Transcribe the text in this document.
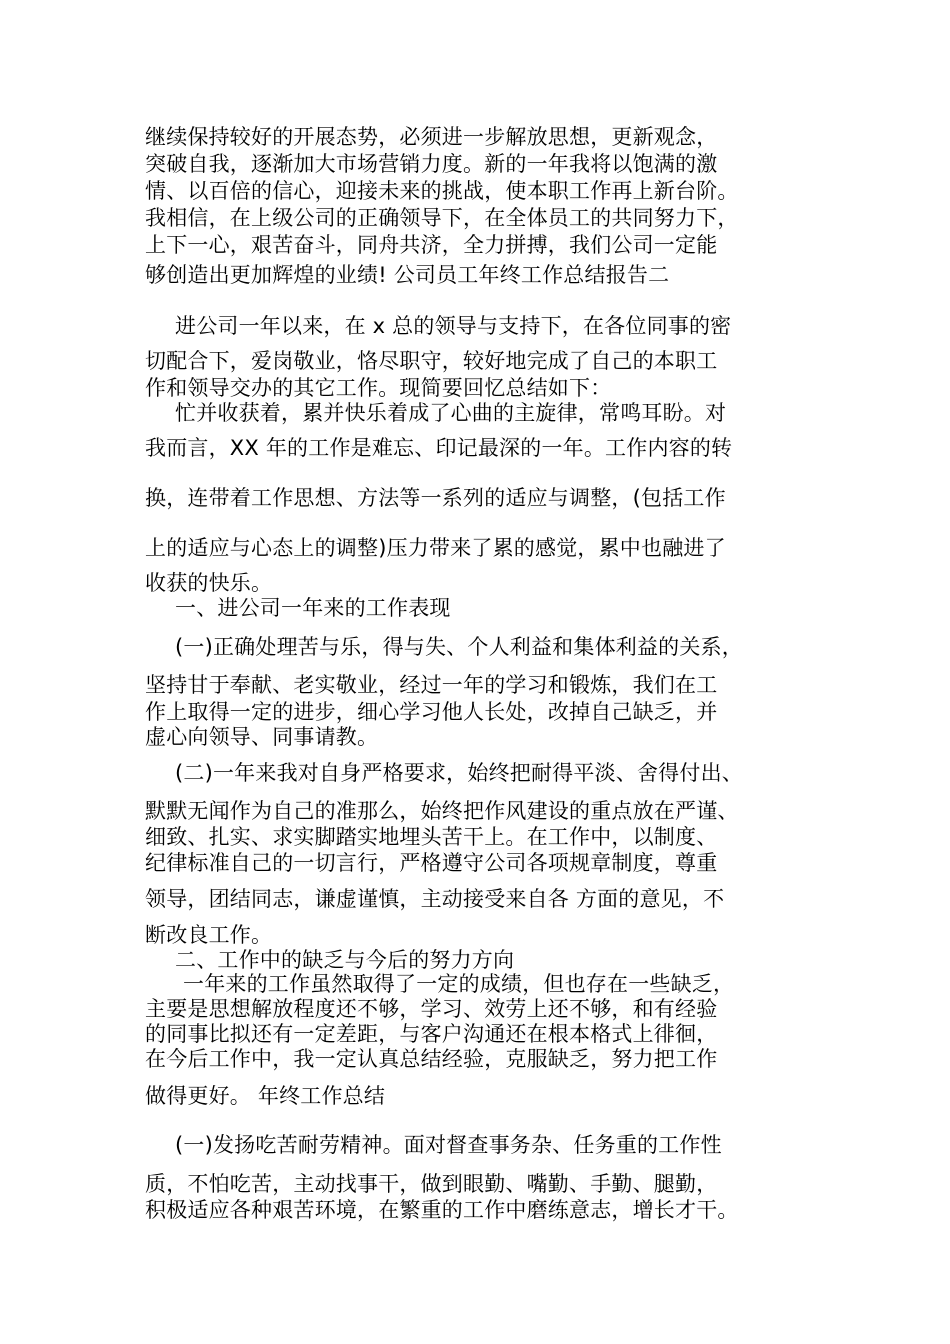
继续保持较好的开展态势，必须进一步解放思想，更新观念，
突破自我，逐渐加大市场营销力度。新的一年我将以饱满的激
情、以百倍的信心，迎接未来的挑战，使本职工作再上新台阶。
我相信，在上级公司的正确领导下，在全体员工的共同努力下，
上下一心，艰苦奋斗，同舟共济，全力拼搏，我们公司一定能
够创造出更加辉煌的业绩! 公司员工年终工作总结报告二
进公司一年以来，在 x 总的领导与支持下，在各位同事的密
切配合下，爱岗敬业，恪尽职守，较好地完成了自己的本职工
作和领导交办的其它工作。现简要回忆总结如下：
忙并收获着，累并快乐着成了心曲的主旋律，常鸣耳盼。对
我而言，XX 年的工作是难忘、印记最深的一年。工作内容的转
换，连带着工作思想、方法等一系列的适应与调整，(包括工作
上的适应与心态上的调整)压力带来了累的感觉，累中也融进了
收获的快乐。
一、进公司一年来的工作表现
(一)正确处理苦与乐，得与失、个人利益和集体利益的关系，
坚持甘于奉献、老实敬业，经过一年的学习和锻炼，我们在工
作上取得一定的进步，细心学习他人长处，改掉自己缺乏，并
虚心向领导、同事请教。
(二)一年来我对自身严格要求，始终把耐得平淡、舍得付出、
默默无闻作为自己的准那么，始终把作风建设的重点放在严谨、
细致、扎实、求实脚踏实地埋头苦干上。在工作中，以制度、
纪律标准自己的一切言行，严格遵守公司各项规章制度，尊重
领导，团结同志，谦虚谨慎，主动接受来自各 方面的意见，不
断改良工作。
二、工作中的缺乏与今后的努力方向
一年来的工作虽然取得了一定的成绩，但也存在一些缺乏，
主要是思想解放程度还不够，学习、效劳上还不够，和有经验
的同事比拟还有一定差距，与客户沟通还在根本格式上徘徊，
在今后工作中，我一定认真总结经验，克服缺乏，努力把工作
做得更好。 年终工作总结
(一)发扬吃苦耐劳精神。面对督查事务杂、任务重的工作性
质，不怕吃苦，主动找事干，做到眼勤、嘴勤、手勤、腿勤，
积极适应各种艰苦环境，在繁重的工作中磨练意志，增长才干。
